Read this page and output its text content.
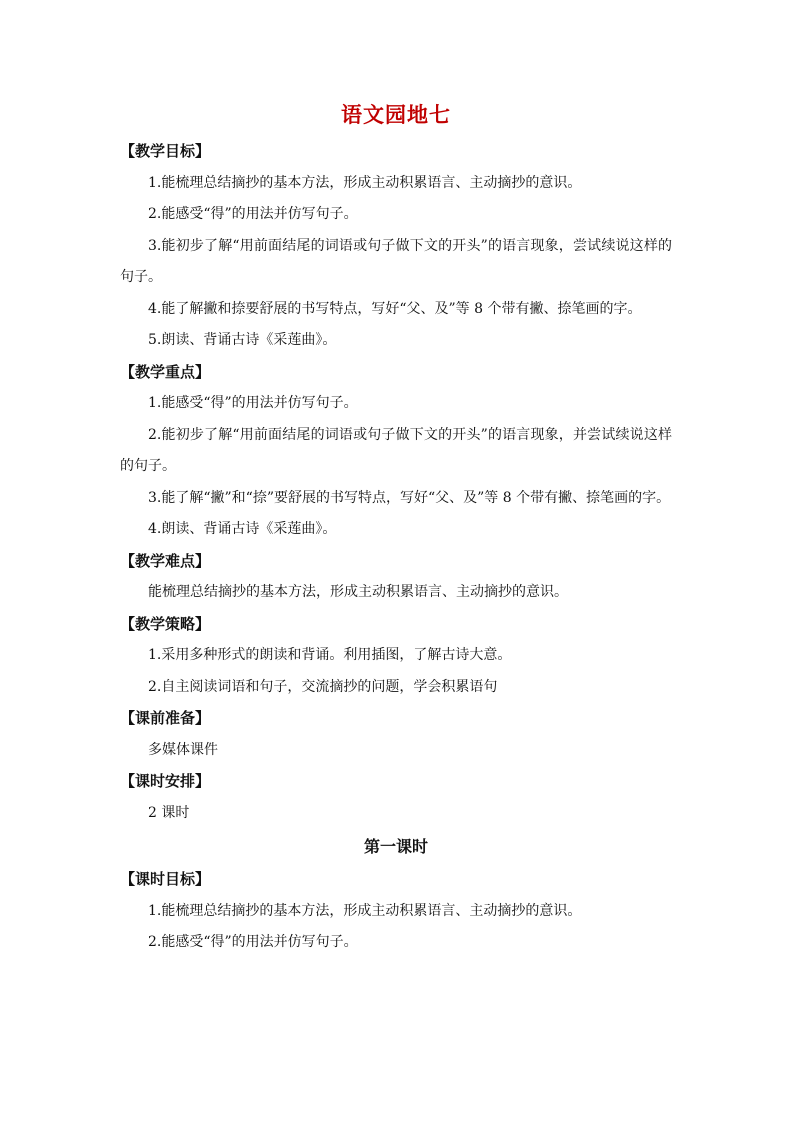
语文园地七
【教学目标】

1.能梳理总结摘抄的基本方法，形成主动积累语言、主动摘抄的意识。

2.能感受“得”的用法并仿写句子。

3.能初步了解“用前面结尾的词语或句子做下文的开头”的语言现象，尝试续说这样的句子。

4.能了解撇和捺要舒展的书写特点，写好“父、及”等 8 个带有撇、捺笔画的字。

5.朗读、背诵古诗《采莲曲》。

【教学重点】

1.能感受“得”的用法并仿写句子。

2.能初步了解“用前面结尾的词语或句子做下文的开头”的语言现象，并尝试续说这样的句子。

3.能了解“撇”和“捺”要舒展的书写特点，写好“父、及”等 8 个带有撇、捺笔画的字。

4.朗读、背诵古诗《采莲曲》。

【教学难点】

能梳理总结摘抄的基本方法，形成主动积累语言、主动摘抄的意识。

【教学策略】

1.采用多种形式的朗读和背诵。利用插图，了解古诗大意。

2.自主阅读词语和句子，交流摘抄的问题，学会积累语句

【课前准备】

多媒体课件

【课时安排】

2 课时

第一课时
【课时目标】

1.能梳理总结摘抄的基本方法，形成主动积累语言、主动摘抄的意识。

2.能感受“得”的用法并仿写句子。
